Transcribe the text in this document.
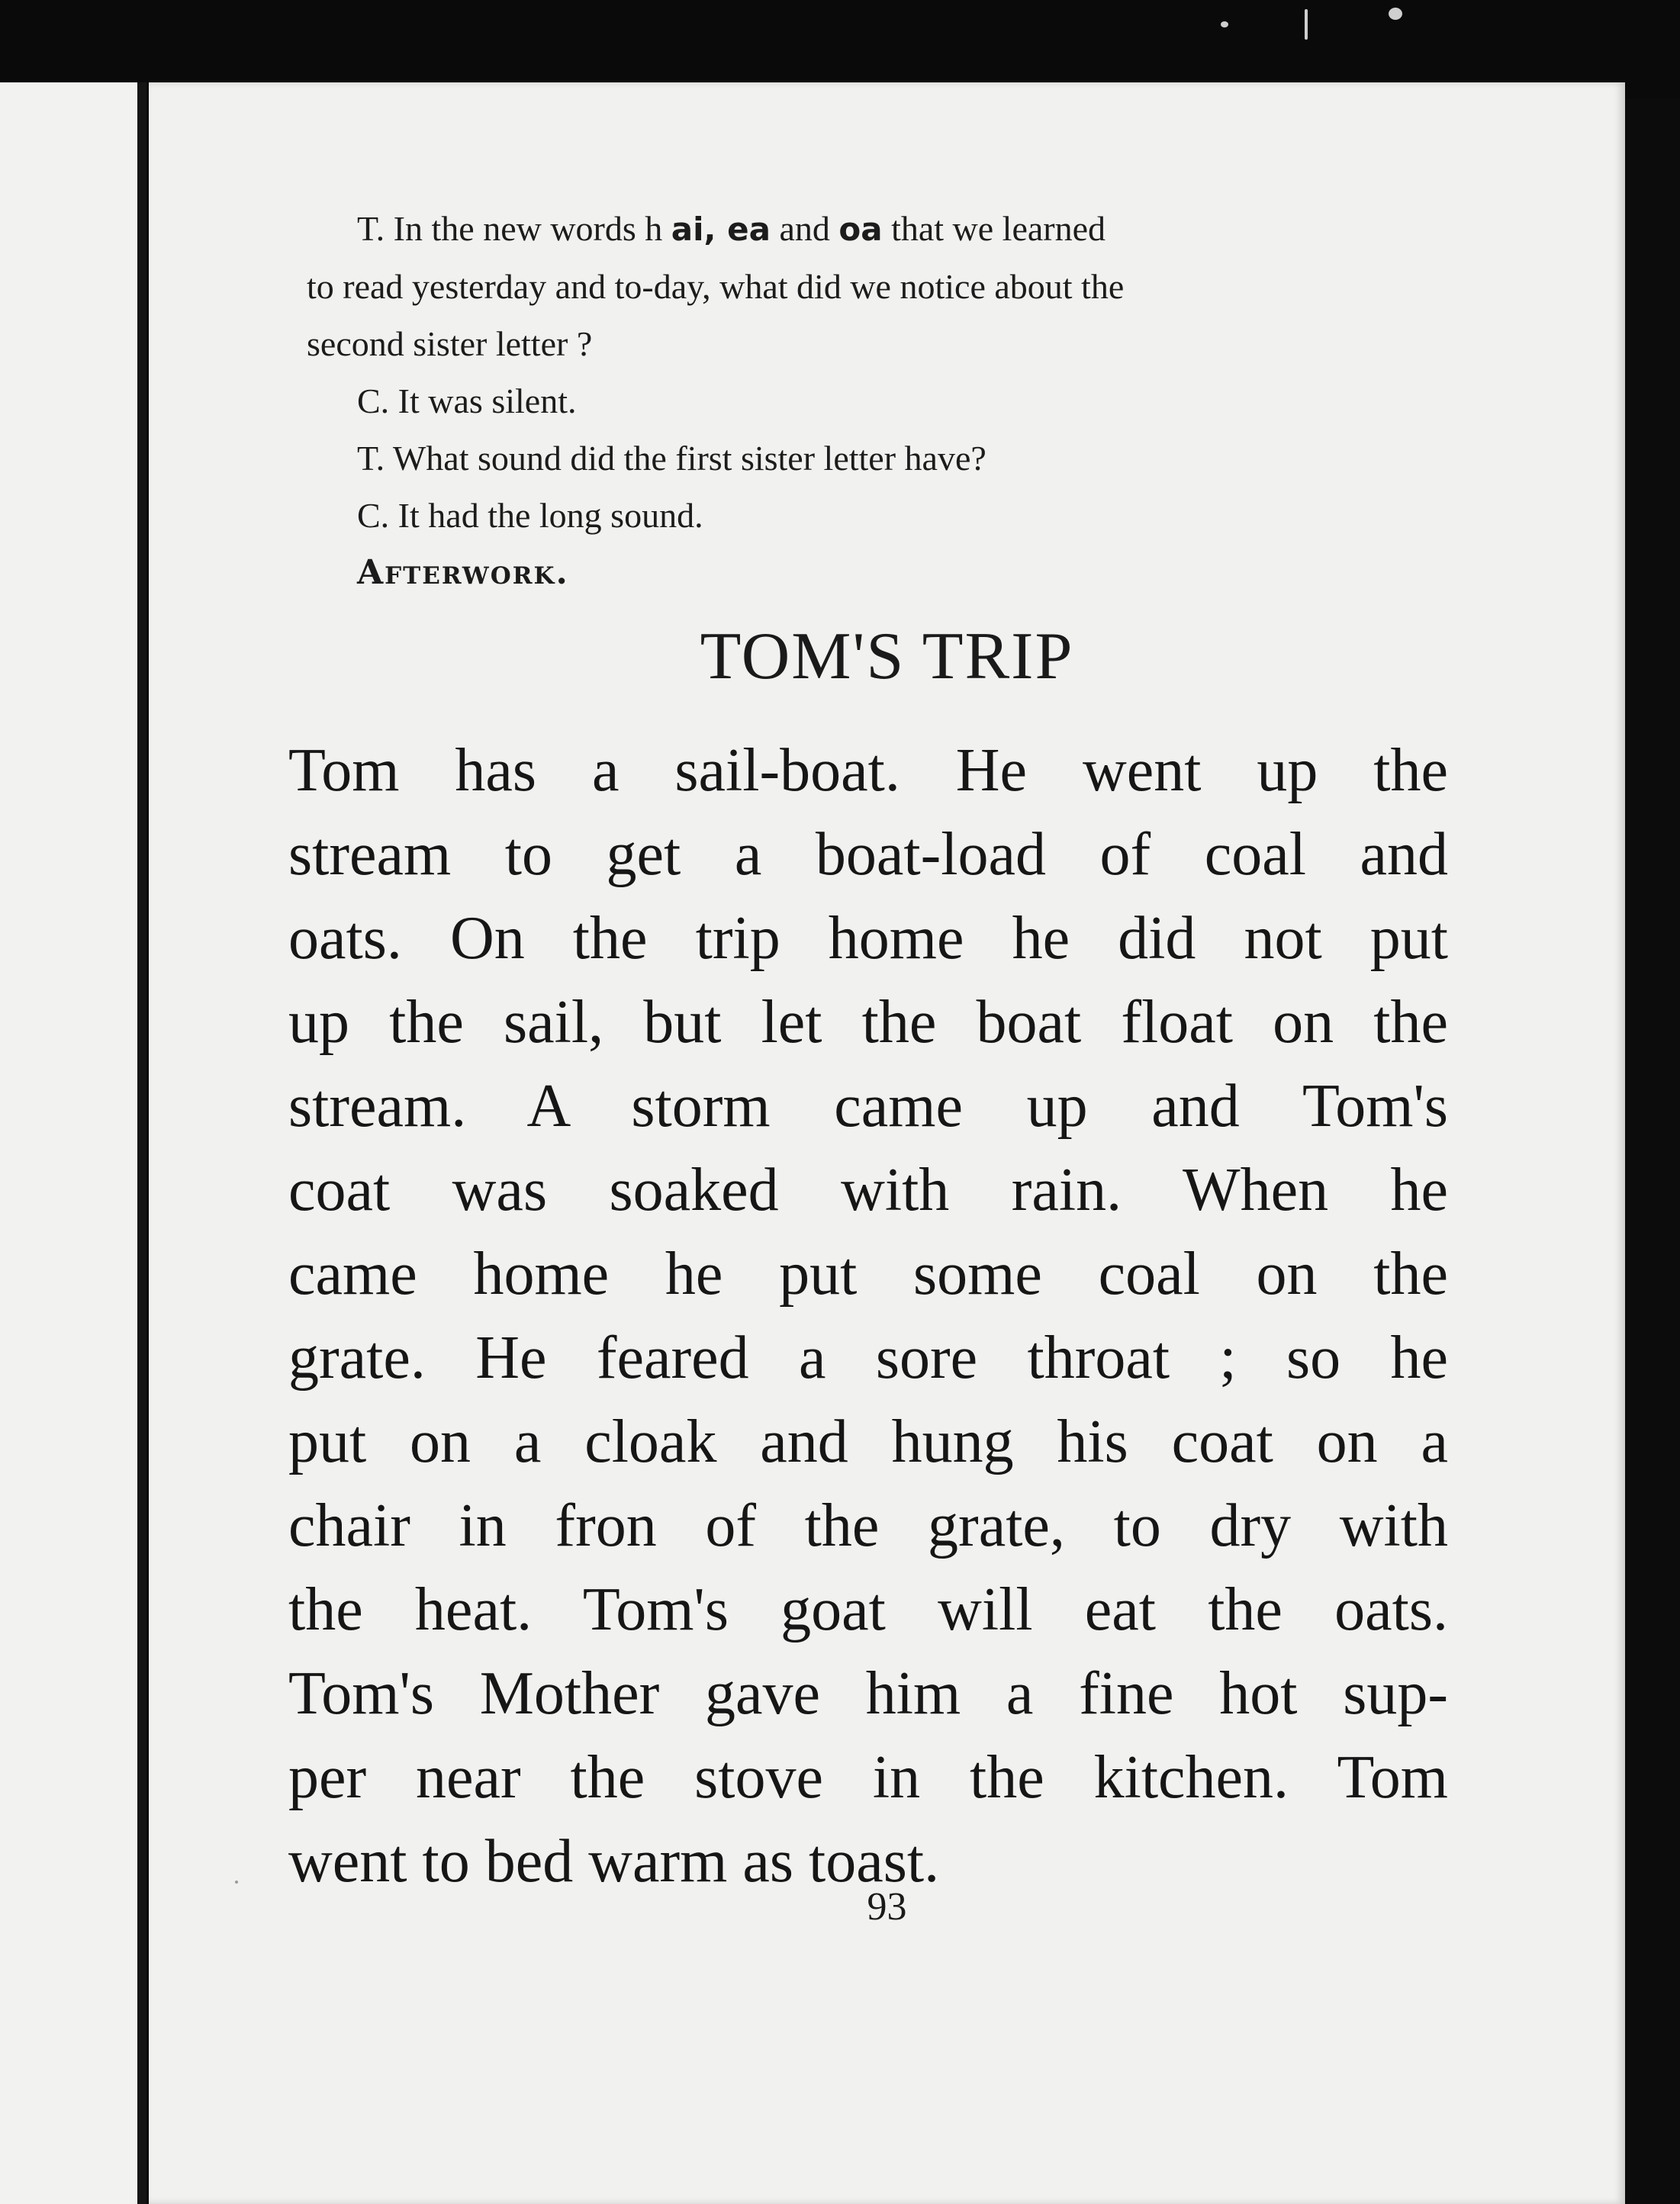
T. In the new words h ai, ea and oa that we learned

to read yesterday and to-day, what did we notice about the

second sister letter ?

C. It was silent.

T. What sound did the first sister letter have?

C. It had the long sound.

Afterwork.

TOM'S TRIP
Tom has a sail-boat. He went up the
stream to get a boat-load of coal and
oats. On the trip home he did not put
up the sail, but let the boat float on the
stream. A storm came up and Tom's
coat was soaked with rain. When he
came home he put some coal on the
grate. He feared a sore throat ; so he
put on a cloak and hung his coat on a
chair in fron of the grate, to dry with
the heat. Tom's goat will eat the oats.
Tom's Mother gave him a fine hot sup-
per near the stove in the kitchen. Tom
went to bed warm as toast.
93
